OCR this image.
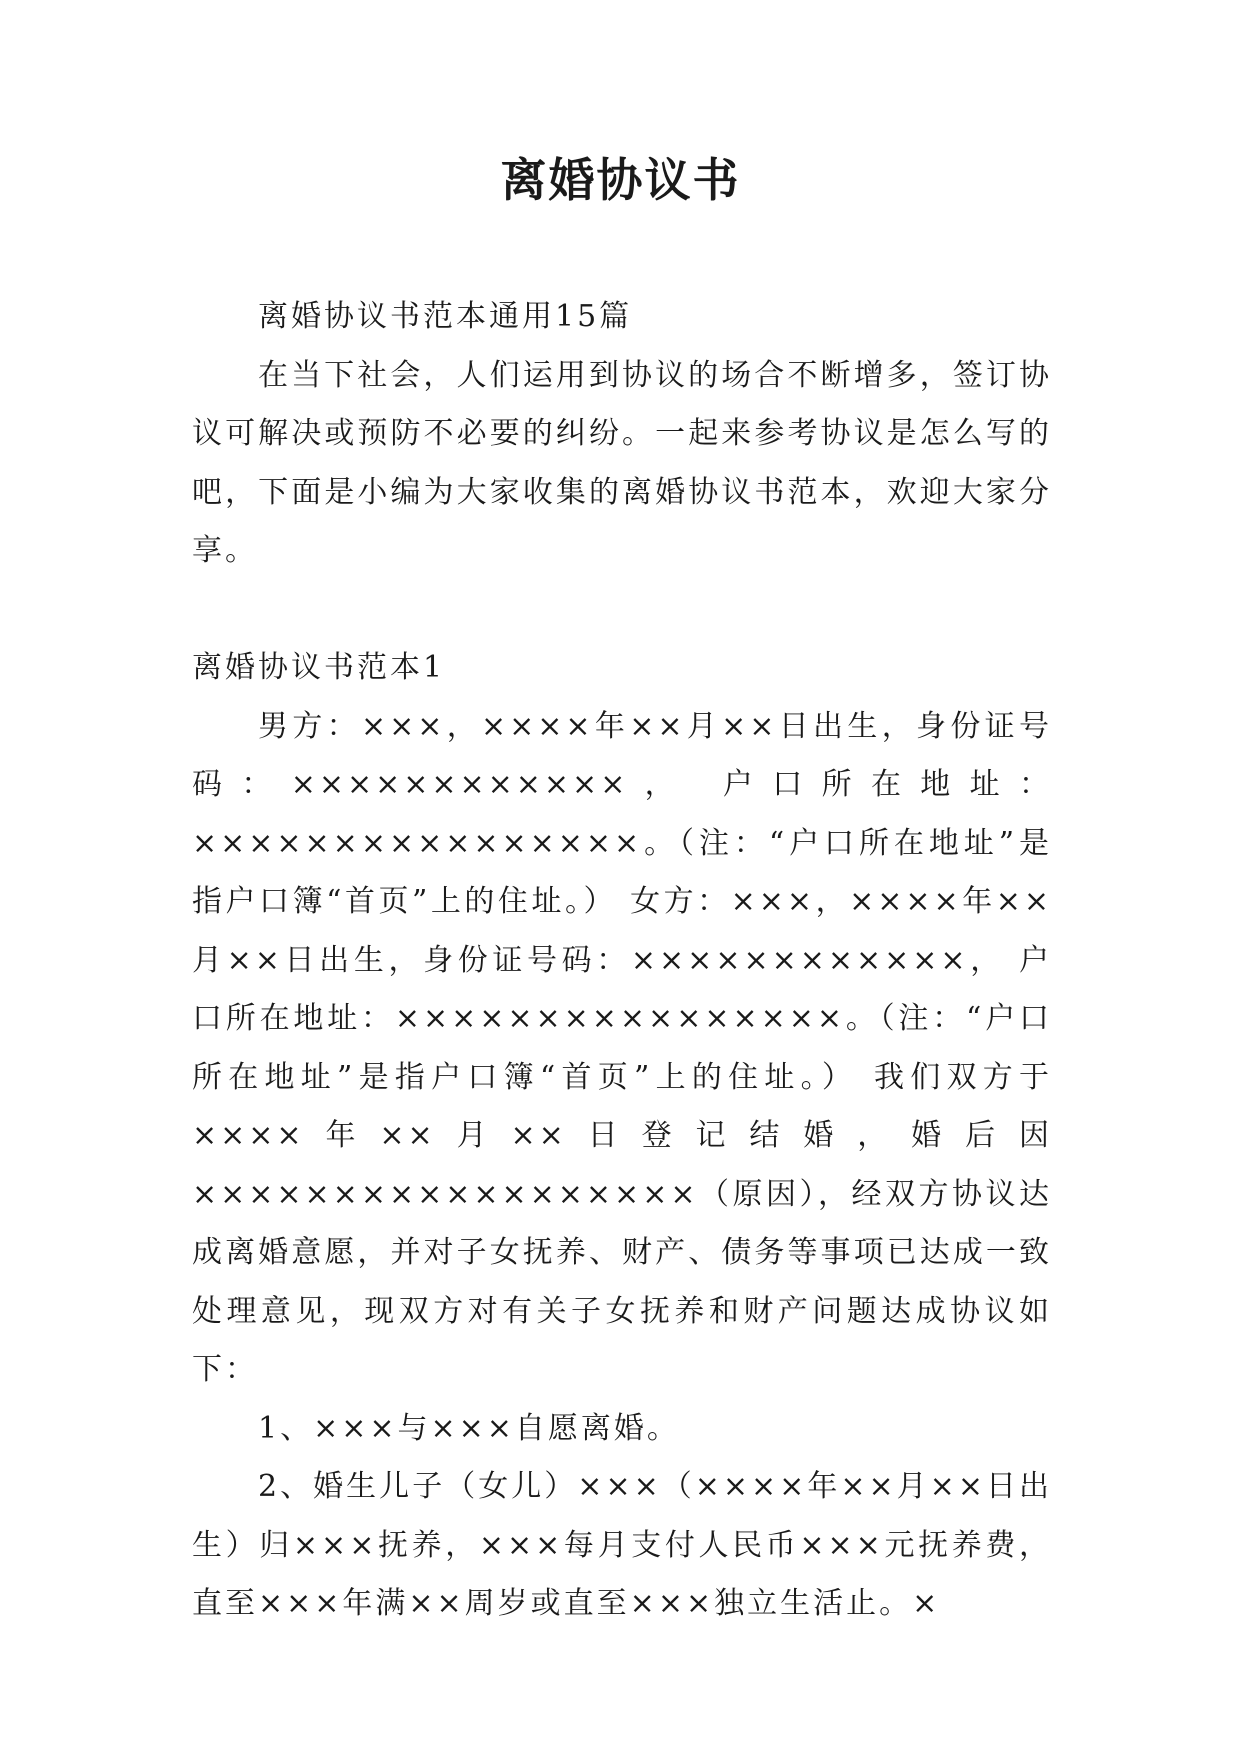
离婚协议书

离婚协议书范本通用15篇

在当下社会，人们运用到协议的场合不断增多，签订协议可解决或预防不必要的纠纷。一起来参考协议是怎么写的吧，下面是小编为大家收集的离婚协议书范本，欢迎大家分享。

离婚协议书范本1

男方：×××，××××年××月××日出生，身份证号码：××××××××××××， 户口所在地址：××××××××××××××××。（注：“户口所在地址”是指户口簿“首页”上的住址。） 女方：×××，××××年××月××日出生，身份证号码：××××××××××××， 户口所在地址：××××××××××××××××。（注：“户口所在地址”是指户口簿“首页”上的住址。） 我们双方于××××年××月××日登记结婚，婚后因××××××××××××××××××（原因），经双方协议达成离婚意愿，并对子女抚养、财产、债务等事项已达成一致处理意见，现双方对有关子女抚养和财产问题达成协议如下：

1、×××与×××自愿离婚。

2、婚生儿子（女儿）×××（××××年××月××日出生）归×××抚养，×××每月支付人民币×××元抚养费，直至×××年满××周岁或直至×××独立生活止。×
